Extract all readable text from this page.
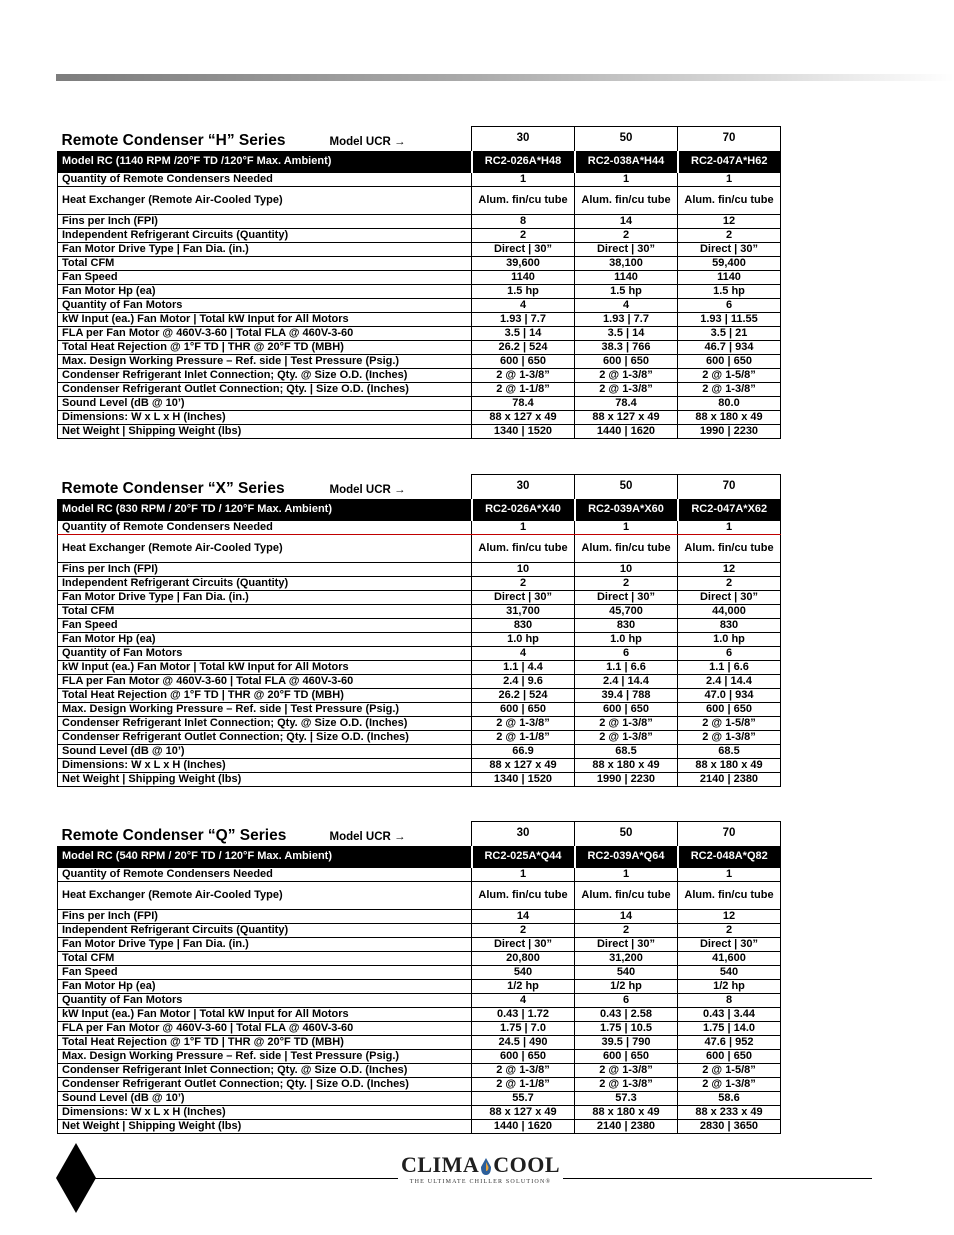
Remote Condenser “H” Series Model UCR →	30	50	70
Model RC (1140 RPM /20°F TD /120°F Max. Ambient)	RC2-026A*H48	RC2-038A*H44	RC2-047A*H62
Quantity of Remote Condensers Needed	1	1	1
Heat Exchanger (Remote Air-Cooled Type)	Alum. fin/cu tube	Alum. fin/cu tube	Alum. fin/cu tube
Fins per Inch (FPI)	8	14	12
Independent Refrigerant Circuits (Quantity)	2	2	2
Fan Motor Drive Type | Fan Dia. (in.)	Direct | 30”	Direct | 30”	Direct | 30”
Total CFM	39,600	38,100	59,400
Fan Speed	1140	1140	1140
Fan Motor Hp (ea)	1.5 hp	1.5 hp	1.5 hp
Quantity of Fan Motors	4	4	6
kW Input (ea.) Fan Motor | Total kW Input for All Motors	1.93 | 7.7	1.93 | 7.7	1.93 | 11.55
FLA per Fan Motor @ 460V-3-60 | Total FLA @ 460V-3-60	3.5 | 14	3.5 | 14	3.5 | 21
Total Heat Rejection @ 1°F TD | THR @ 20°F TD (MBH)	26.2 | 524	38.3 | 766	46.7 | 934
Max. Design Working Pressure – Ref. side | Test Pressure (Psig.)	600 | 650	600 | 650	600 | 650
Condenser Refrigerant Inlet Connection; Qty. @ Size O.D. (Inches)	2 @ 1-3/8”	2 @ 1-3/8”	2 @ 1-5/8”
Condenser Refrigerant Outlet Connection; Qty. | Size O.D. (Inches)	2 @ 1-1/8”	2 @ 1-3/8”	2 @ 1-3/8”
Sound Level (dB @ 10’)	78.4	78.4	80.0
Dimensions: W x L x H (Inches)	88 x 127 x 49	88 x 127 x 49	88 x 180 x 49
Net Weight | Shipping Weight (lbs)	1340 | 1520	1440 | 1620	1990 | 2230
Remote Condenser “X” Series Model UCR →	30	50	70
Model RC (830 RPM / 20°F TD / 120°F Max. Ambient)	RC2-026A*X40	RC2-039A*X60	RC2-047A*X62
Quantity of Remote Condensers Needed	1	1	1
Heat Exchanger (Remote Air-Cooled Type)	Alum. fin/cu tube	Alum. fin/cu tube	Alum. fin/cu tube
Fins per Inch (FPI)	10	10	12
Independent Refrigerant Circuits (Quantity)	2	2	2
Fan Motor Drive Type | Fan Dia. (in.)	Direct | 30”	Direct | 30”	Direct | 30”
Total CFM	31,700	45,700	44,000
Fan Speed	830	830	830
Fan Motor Hp (ea)	1.0 hp	1.0 hp	1.0 hp
Quantity of Fan Motors	4	6	6
kW Input (ea.) Fan Motor | Total kW Input for All Motors	1.1 | 4.4	1.1 | 6.6	1.1 | 6.6
FLA per Fan Motor @ 460V-3-60 | Total FLA @ 460V-3-60	2.4 | 9.6	2.4 | 14.4	2.4 | 14.4
Total Heat Rejection @ 1°F TD | THR @ 20°F TD (MBH)	26.2 | 524	39.4 | 788	47.0 | 934
Max. Design Working Pressure – Ref. side | Test Pressure (Psig.)	600 | 650	600 | 650	600 | 650
Condenser Refrigerant Inlet Connection; Qty. @ Size O.D. (Inches)	2 @ 1-3/8”	2 @ 1-3/8”	2 @ 1-5/8”
Condenser Refrigerant Outlet Connection; Qty. | Size O.D. (Inches)	2 @ 1-1/8”	2 @ 1-3/8”	2 @ 1-3/8”
Sound Level (dB @ 10’)	66.9	68.5	68.5
Dimensions: W x L x H (Inches)	88 x 127 x 49	88 x 180 x 49	88 x 180 x 49
Net Weight | Shipping Weight (lbs)	1340 | 1520	1990 | 2230	2140 | 2380
Remote Condenser “Q” Series Model UCR →	30	50	70
Model RC (540 RPM / 20°F TD / 120°F Max. Ambient)	RC2-025A*Q44	RC2-039A*Q64	RC2-048A*Q82
Quantity of Remote Condensers Needed	1	1	1
Heat Exchanger (Remote Air-Cooled Type)	Alum. fin/cu tube	Alum. fin/cu tube	Alum. fin/cu tube
Fins per Inch (FPI)	14	14	12
Independent Refrigerant Circuits (Quantity)	2	2	2
Fan Motor Drive Type | Fan Dia. (in.)	Direct | 30”	Direct | 30”	Direct | 30”
Total CFM	20,800	31,200	41,600
Fan Speed	540	540	540
Fan Motor Hp (ea)	1/2 hp	1/2 hp	1/2 hp
Quantity of Fan Motors	4	6	8
kW Input (ea.) Fan Motor | Total kW Input for All Motors	0.43 | 1.72	0.43 | 2.58	0.43 | 3.44
FLA per Fan Motor @ 460V-3-60 | Total FLA @ 460V-3-60	1.75 | 7.0	1.75 | 10.5	1.75 | 14.0
Total Heat Rejection @ 1°F TD | THR @ 20°F TD (MBH)	24.5 | 490	39.5 | 790	47.6 | 952
Max. Design Working Pressure – Ref. side | Test Pressure (Psig.)	600 | 650	600 | 650	600 | 650
Condenser Refrigerant Inlet Connection; Qty. @ Size O.D. (Inches)	2 @ 1-3/8”	2 @ 1-3/8”	2 @ 1-5/8”
Condenser Refrigerant Outlet Connection; Qty. | Size O.D. (Inches)	2 @ 1-1/8”	2 @ 1-3/8”	2 @ 1-3/8”
Sound Level (dB @ 10’)	55.7	57.3	58.6
Dimensions: W x L x H (Inches)	88 x 127 x 49	88 x 180 x 49	88 x 233 x 49
Net Weight | Shipping Weight (lbs)	1440 | 1620	2140 | 2380	2830 | 3650
CLIMA COOL
THE ULTIMATE CHILLER SOLUTION®
